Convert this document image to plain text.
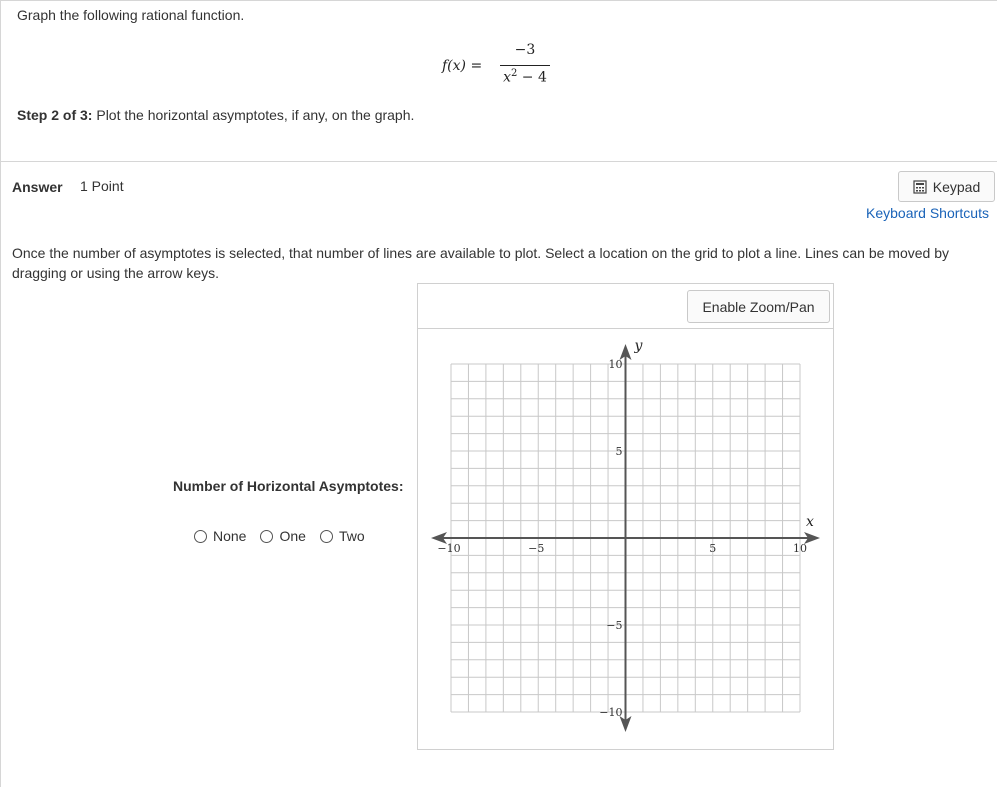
Graph the following rational function.
f(x) =
−3
$x^2 - 4$
Step 2 of 3: Plot the horizontal asymptotes, if any, on the graph.
Answer 1 Point	Keypad
Keyboard Shortcuts
Once the number of asymptotes is selected, that number of lines are available to plot. Select a location on the grid to plot a line. Lines can be moved by dragging or using the arrow keys.
Number of Horizontal Asymptotes:
None One Two
Enable Zoom/Pan
−10	−5	5	10
10
5
−5
−10
x
y
